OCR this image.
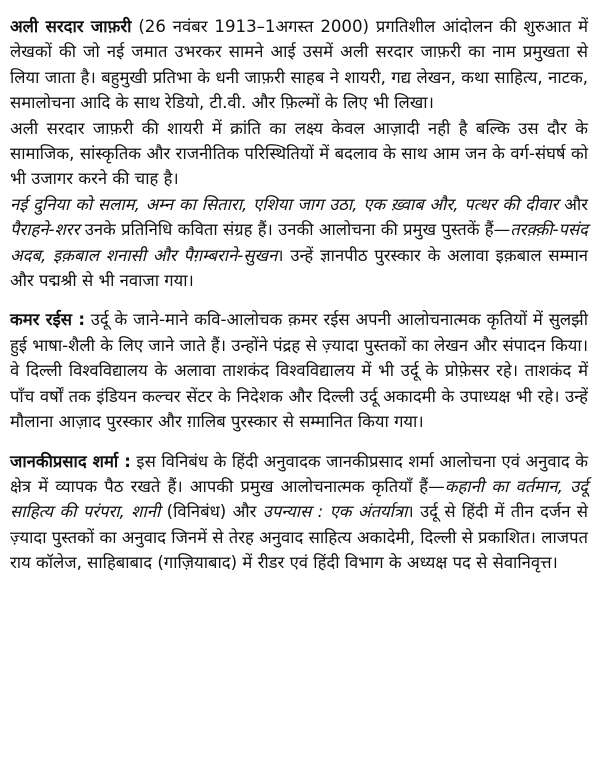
अली सरदार जाफ़री (26 नवंबर 1913–1अगस्त 2000) प्रगतिशील आंदोलन की शुरुआत में लेखकों की जो नई जमात उभरकर सामने आई उसमें अली सरदार जाफ़री का नाम प्रमुखता से लिया जाता है। बहुमुखी प्रतिभा के धनी जाफ़री साहब ने शायरी, गद्य लेखन, कथा साहित्य, नाटक, समालोचना आदि के साथ रेडियो, टी.वी. और फ़िल्मों के लिए भी लिखा।

अली सरदार जाफ़री की शायरी में क्रांति का लक्ष्य केवल आज़ादी नही है बल्कि उस दौर के सामाजिक, सांस्कृतिक और राजनीतिक परिस्थितियों में बदलाव के साथ आम जन के वर्ग-संघर्ष को भी उजागर करने की चाह है।

नई दुनिया को सलाम, अम्न का सितारा, एशिया जाग उठा, एक ख़्वाब और, पत्थर की दीवार और पैराहने-शरर उनके प्रतिनिधि कविता संग्रह हैं। उनकी आलोचना की प्रमुख पुस्तकें हैं—तरक़्क़ी-पसंद अदब, इक़बाल शनासी और पैग़म्बराने-सुखन। उन्हें ज्ञानपीठ पुरस्कार के अलावा इक़बाल सम्मान और पद्मश्री से भी नवाजा गया।

कमर रईस : उर्दू के जाने-माने कवि-आलोचक क़मर रईस अपनी आलोचनात्मक कृतियों में सुलझी हुई भाषा-शैली के लिए जाने जाते हैं। उन्होंने पंद्रह से ज़्यादा पुस्तकों का लेखन और संपादन किया। वे दिल्ली विश्वविद्यालय के अलावा ताशकंद विश्वविद्यालय में भी उर्दू के प्रोफ़ेसर रहे। ताशकंद में पाँच वर्षों तक इंडियन कल्चर सेंटर के निदेशक और दिल्ली उर्दू अकादमी के उपाध्यक्ष भी रहे। उन्हें मौलाना आज़ाद पुरस्कार और ग़ालिब पुरस्कार से सम्मानित किया गया।

जानकीप्रसाद शर्मा : इस विनिबंध के हिंदी अनुवादक जानकीप्रसाद शर्मा आलोचना एवं अनुवाद के क्षेत्र में व्यापक पैठ रखते हैं। आपकी प्रमुख आलोचनात्मक कृतियाँ हैं—कहानी का वर्तमान, उर्दू साहित्य की परंपरा, शानी (विनिबंध) और उपन्यास : एक अंतर्यात्रा। उर्दू से हिंदी में तीन दर्जन से ज़्यादा पुस्तकों का अनुवाद जिनमें से तेरह अनुवाद साहित्य अकादेमी, दिल्ली से प्रकाशित। लाजपत राय कॉलेज, साहिबाबाद (गाज़ियाबाद) में रीडर एवं हिंदी विभाग के अध्यक्ष पद से सेवानिवृत्त।
